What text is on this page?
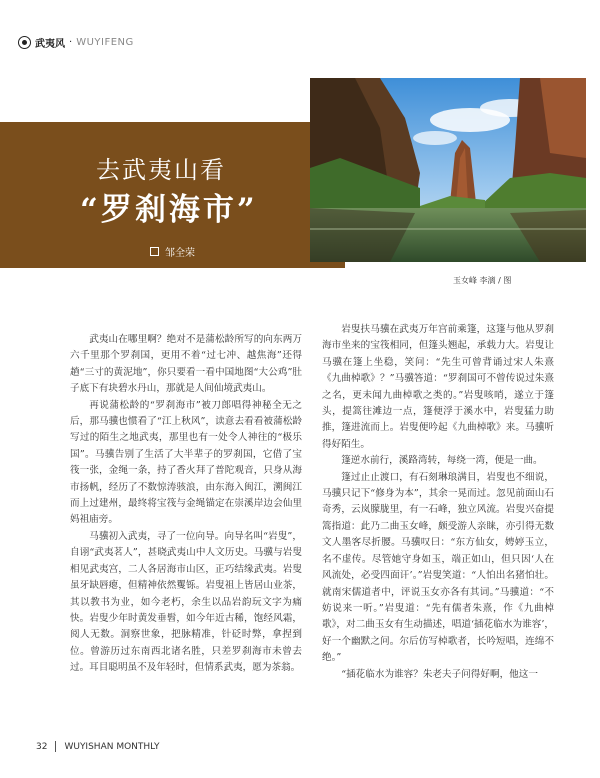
武夷风 · WUYIFENG
去武夷山看
“罗刹海市”
邹全荣
玉女峰 李漓 / 图

武夷山在哪里啊？绝对不是蒲松龄所写的向东两万六千里那个罗刹国，更用不着“过七冲、越焦海”还得趟“三寸的黄泥地”，你只要看一看中国地图“大公鸡”肚子底下有块碧水丹山，那就是人间仙境武夷山。

再说蒲松龄的“罗刹海市”被刀郎唱得神秘全无之后，那马骥也惯看了“江上秋风”，读意去看看被蒲松龄写过的陌生之地武夷，那里也有一处令人神往的“极乐国”。马骥告别了生活了大半辈子的罗刹国，它借了宝筏一张，金绳一条，持了香火拜了普陀观音，只身从海市扬帆，经历了不数惊涛骇浪，由东海入闽江，溯闽江而上过建州，最终将宝筏与金绳锚定在崇溪岸边会仙里妈祖庙旁。

马骥初入武夷，寻了一位向导。向导名叫“岩叟”，自诩“武夷茗人”，甚晓武夷山中人文历史。马骥与岩叟相见武夷宫，二人各居海市山区，正巧结缘武夷。岩叟虽牙缺唇瘪，但精神依然矍铄。岩叟祖上皆居山业茶，其以教书为业，如今老朽，余生以品岩韵玩文字为痛快。岩叟少年时黄发垂髫，如今年近古稀，饱经风霜，阅人无数。洞察世象，把脉精准，针砭时弊，拿捏到位。曾游历过东南西北诸名胜，只差罗刹海市未曾去过。耳目聪明虽不及年轻时，但情系武夷，愿为茶翁。

岩叟扶马骥在武夷万年宫前乘篷，这篷与他从罗刹海市坐来的宝筏相同，但篷头翘起，承载力大。岩叟让马骥在篷上坐稳，笑问：“先生可曾背诵过宋人朱熹《九曲棹歌》？”马骥答道：“罗刹国可不曾传说过朱熹之名，更未闻九曲棹歌之类的。”岩叟咳哨，遂立于篷头，提篙往滩边一点，篷便浮于溪水中，岩叟猛力助推，篷进流而上。岩叟便吟起《九曲棹歌》来。马骥听得好陌生。

篷逆水前行，溪路湾转，每绕一湾，便是一曲。

篷过止止渡口，有石刻琳琅满目，岩叟也不细说，马骥只记下“修身为本”，其余一晃而过。忽见前面山石奇秀，云岚朦胧里，有一石峰，独立风流。岩叟兴奋提篙指道：此乃二曲玉女峰，颇受游人亲睐，亦引得无数文人墨客尽折腰。马骥叹曰：“东方仙女，娉婷玉立，名不虚传。尽管她守身如玉，端正如山，但只因‘人在风流处，必受四面讦’。”岩叟笑道：“人怕出名猪怕壮。就南宋儒道者中，评说玉女亦各有其词。”马骥道：“不妨说来一听。”岩叟道：“先有儒者朱熹，作《九曲棹歌》，对二曲玉女有生动描述，唱道‘插花临水为谁容’，好一个幽默之问。尔后仿写棹歌者，长吟短唱，连绵不绝。”

“插花临水为谁容？朱老夫子问得好啊，他这一

32 WUYISHAN MONTHLY
